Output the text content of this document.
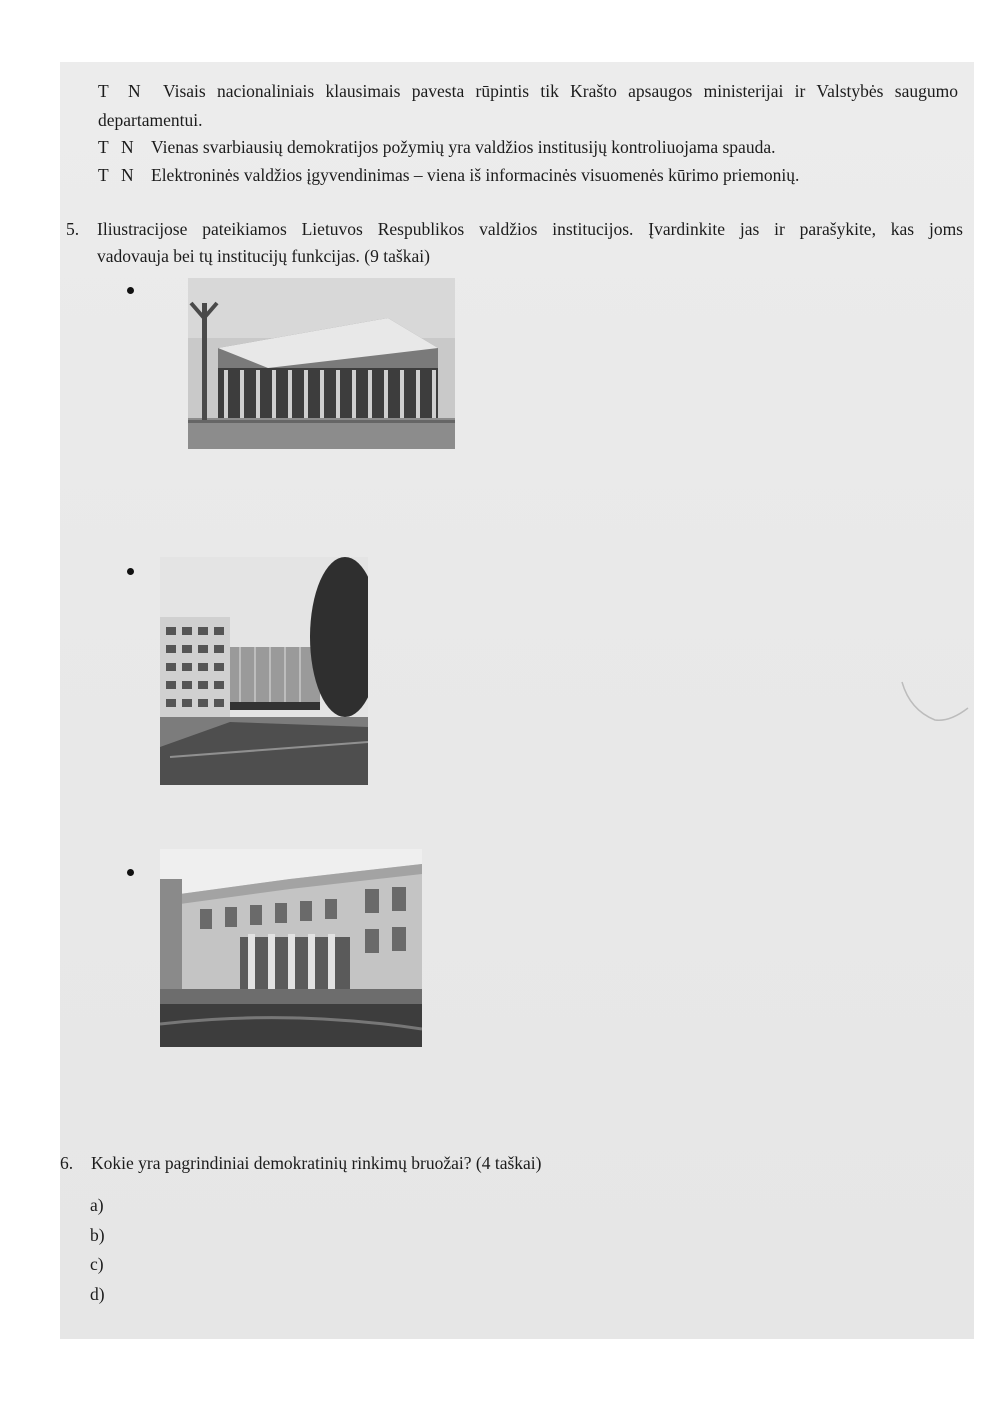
T N Visais nacionaliniais klausimais pavesta rūpintis tik Krašto apsaugos ministerijai ir Valstybės saugumo
departamentui.
T N Vienas svarbiausių demokratijos požymių yra valdžios institusijų kontroliuojama spauda.
T N Elektroninės valdžios įgyvendinimas – viena iš informacinės visuomenės kūrimo priemonių.
5. Iliustracijose pateikiamos Lietuvos Respublikos valdžios institucijos. Įvardinkite jas ir parašykite, kas joms
vadovauja bei tų institucijų funkcijas. (9 taškai)
6. Kokie yra pagrindiniai demokratinių rinkimų bruožai? (4 taškai)
a)
b)
c)
d)
